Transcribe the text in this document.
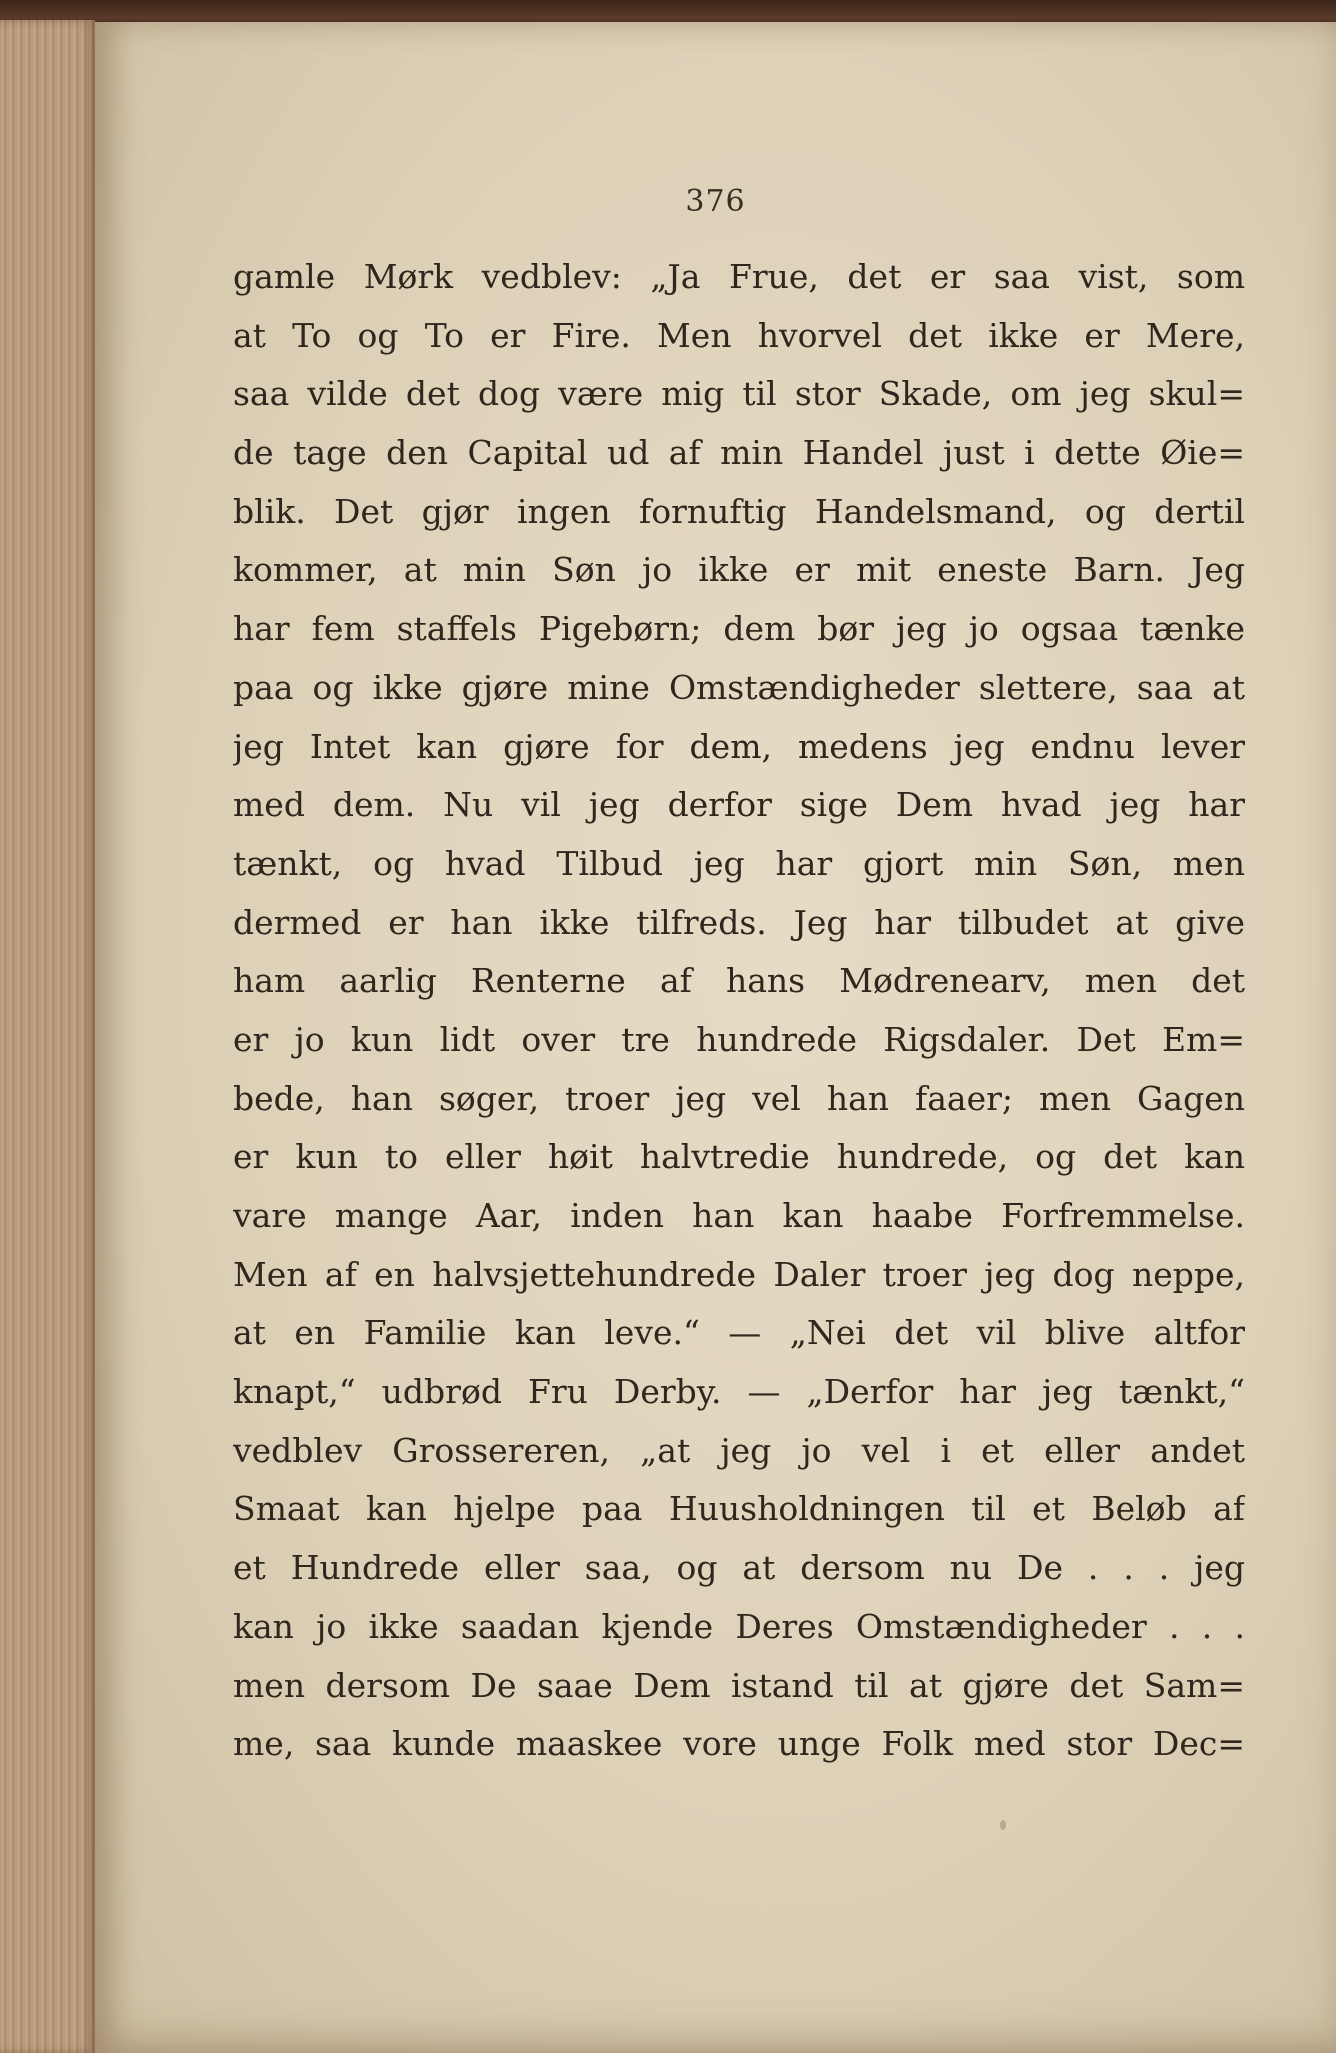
376
gamle Mørk vedblev: „Ja Frue, det er saa vist, som
at To og To er Fire. Men hvorvel det ikke er Mere,
saa vilde det dog være mig til stor Skade, om jeg skul=
de tage den Capital ud af min Handel just i dette Øie=
blik. Det gjør ingen fornuftig Handelsmand, og dertil
kommer, at min Søn jo ikke er mit eneste Barn. Jeg
har fem staffels Pigebørn; dem bør jeg jo ogsaa tænke
paa og ikke gjøre mine Omstændigheder slettere, saa at
jeg Intet kan gjøre for dem, medens jeg endnu lever
med dem. Nu vil jeg derfor sige Dem hvad jeg har
tænkt, og hvad Tilbud jeg har gjort min Søn, men
dermed er han ikke tilfreds. Jeg har tilbudet at give
ham aarlig Renterne af hans Mødrenearv, men det
er jo kun lidt over tre hundrede Rigsdaler. Det Em=
bede, han søger, troer jeg vel han faaer; men Gagen
er kun to eller høit halvtredie hundrede, og det kan
vare mange Aar, inden han kan haabe Forfremmelse.
Men af en halvsjettehundrede Daler troer jeg dog neppe,
at en Familie kan leve.“ — „Nei det vil blive altfor
knapt,“ udbrød Fru Derby. — „Derfor har jeg tænkt,“
vedblev Grossereren, „at jeg jo vel i et eller andet
Smaat kan hjelpe paa Huusholdningen til et Beløb af
et Hundrede eller saa, og at dersom nu De . . . jeg
kan jo ikke saadan kjende Deres Omstændigheder . . .
men dersom De saae Dem istand til at gjøre det Sam=
me, saa kunde maaskee vore unge Folk med stor Dec=
